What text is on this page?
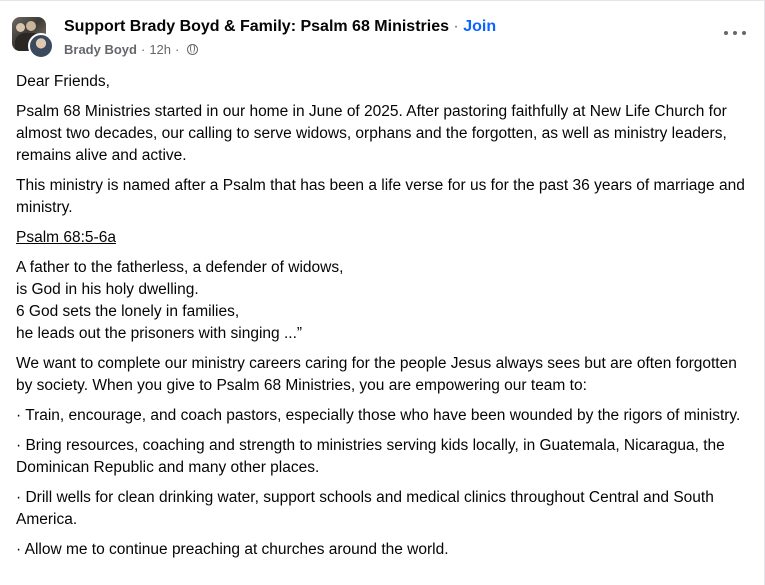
Support Brady Boyd & Family: Psalm 68 Ministries · Join
Brady Boyd · 12h ·

Dear Friends,

Psalm 68 Ministries started in our home in June of 2025. After pastoring faithfully at New Life Church for almost two decades, our calling to serve widows, orphans and the forgotten, as well as ministry leaders, remains alive and active.

This ministry is named after a Psalm that has been a life verse for us for the past 36 years of marriage and ministry.

Psalm 68:5-6a

A father to the fatherless, a defender of widows,
is God in his holy dwelling.
6 God sets the lonely in families,
he leads out the prisoners with singing ...”

We want to complete our ministry careers caring for the people Jesus always sees but are often forgotten by society. When you give to Psalm 68 Ministries, you are empowering our team to:

· Train, encourage, and coach pastors, especially those who have been wounded by the rigors of ministry.

· Bring resources, coaching and strength to ministries serving kids locally, in Guatemala, Nicaragua, the Dominican Republic and many other places.

· Drill wells for clean drinking water, support schools and medical clinics throughout Central and South America.

· Allow me to continue preaching at churches around the world.
